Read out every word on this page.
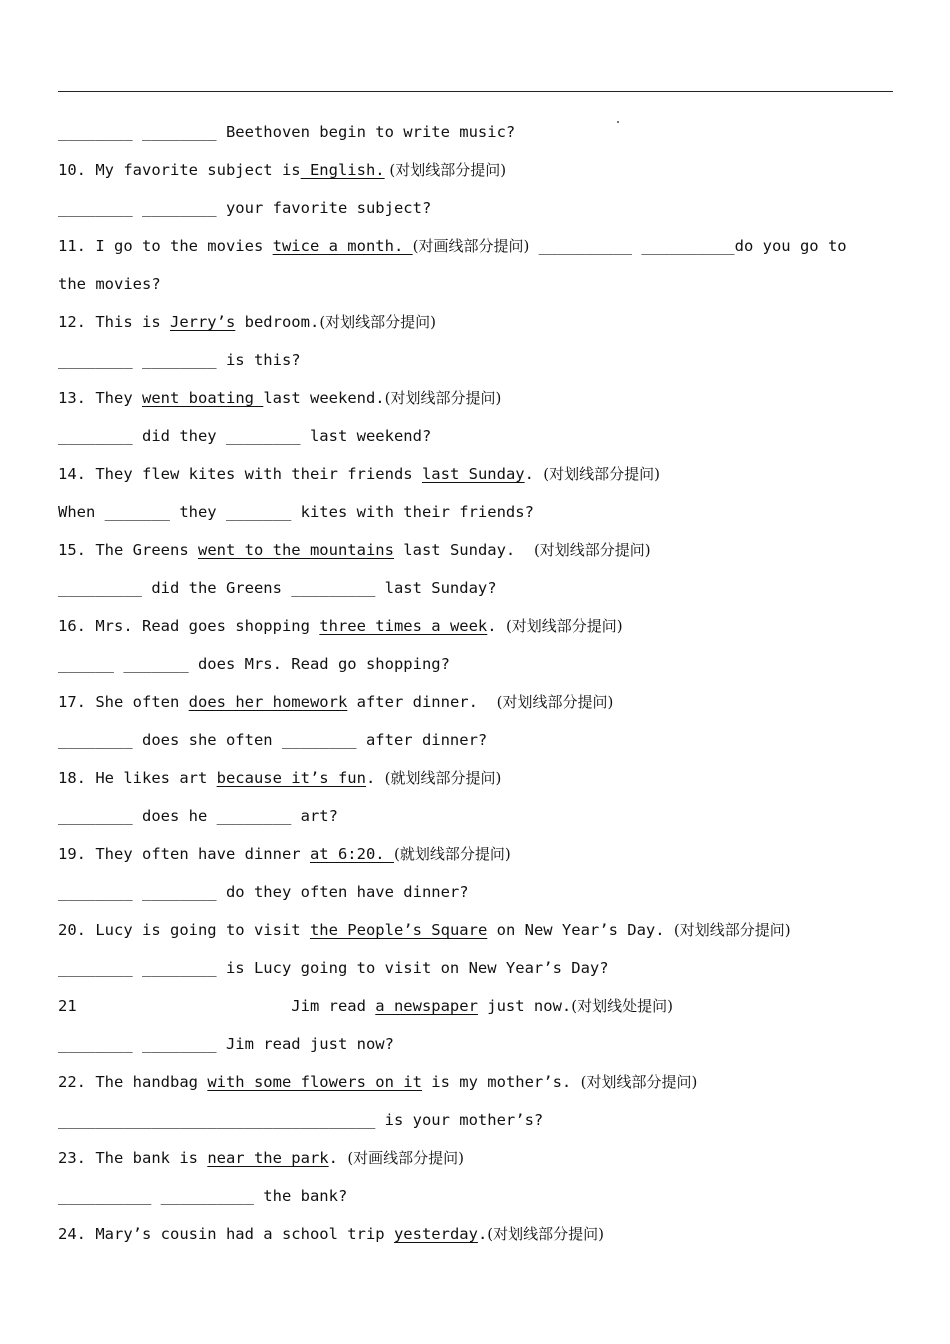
________ ________ Beethoven begin to write music?
10. My favorite subject is English. (对划线部分提问)
________ ________ your favorite subject?
11. I go to the movies twice a month. (对画线部分提问) __________ __________do you go to
the movies?
12. This is Jerry’s bedroom.(对划线部分提问)
________ ________ is this?
13. They went boating last weekend.(对划线部分提问)
________ did they ________ last weekend?
14. They flew kites with their friends last Sunday. (对划线部分提问)
When _______ they _______ kites with their friends?
15. The Greens went to the mountains last Sunday.  (对划线部分提问)
_________ did the Greens _________ last Sunday?
16. Mrs. Read goes shopping three times a week. (对划线部分提问)
______ _______ does Mrs. Read go shopping?
17. She often does her homework after dinner.  (对划线部分提问)
________ does she often ________ after dinner?
18. He likes art because it’s fun. (就划线部分提问)
________ does he ________ art?
19. They often have dinner at 6:20. (就划线部分提问)
________ ________ do they often have dinner?
20. Lucy is going to visit the People’s Square on New Year’s Day. (对划线部分提问)
________ ________ is Lucy going to visit on New Year’s Day?
21                       Jim read a newspaper just now.(对划线处提问)
________ ________ Jim read just now?
22. The handbag with some flowers on it is my mother’s. (对划线部分提问)
__________________________________ is your mother’s?
23. The bank is near the park. (对画线部分提问)
__________ __________ the bank?
24. Mary’s cousin had a school trip yesterday.(对划线部分提问)
